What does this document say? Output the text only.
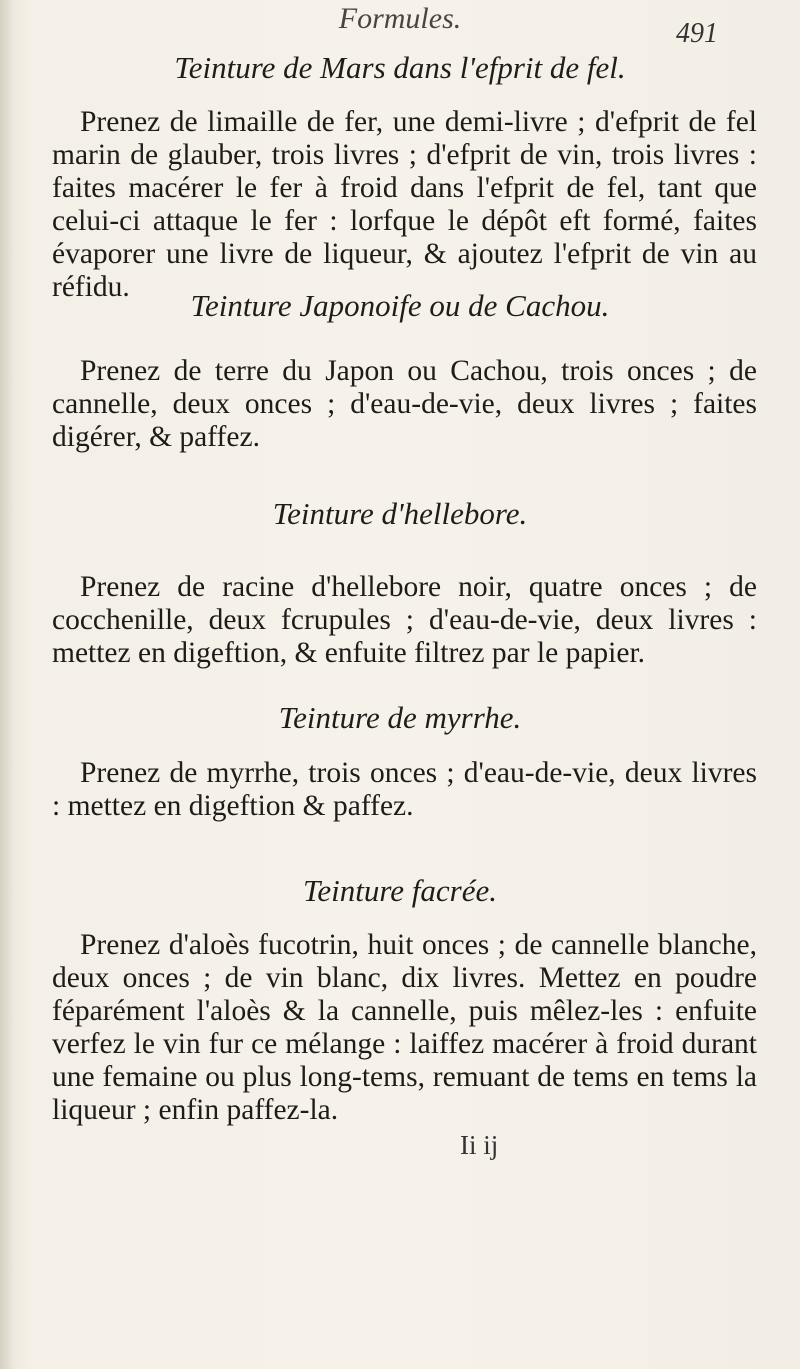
Formules.	491
Teinture de Mars dans l'efprit de fel.
Prenez de limaille de fer, une demi-livre ; d'efprit de fel marin de glauber, trois livres ; d'efprit de vin, trois livres : faites macérer le fer à froid dans l'efprit de fel, tant que celui-ci attaque le fer : lorfque le dépôt eft formé, faites évaporer une livre de liqueur, & ajoutez l'efprit de vin au réfidu.
Teinture Japonoife ou de Cachou.
Prenez de terre du Japon ou Cachou, trois onces ; de cannelle, deux onces ; d'eau-de-vie, deux livres ; faites digérer, & paffez.
Teinture d'hellebore.
Prenez de racine d'hellebore noir, quatre onces ; de cocchenille, deux fcrupules ; d'eau-de-vie, deux livres : mettez en digeftion, & enfuite filtrez par le papier.
Teinture de myrrhe.
Prenez de myrrhe, trois onces ; d'eau-de-vie, deux livres : mettez en digeftion & paffez.
Teinture facrée.
Prenez d'aloès fucotrin, huit onces ; de cannelle blanche, deux onces ; de vin blanc, dix livres. Mettez en poudre féparément l'aloès & la cannelle, puis mêlez-les : enfuite verfez le vin fur ce mélange : laiffez macérer à froid durant une femaine ou plus long-tems, remuant de tems en tems la liqueur ; enfin paffez-la.
Ii ij
